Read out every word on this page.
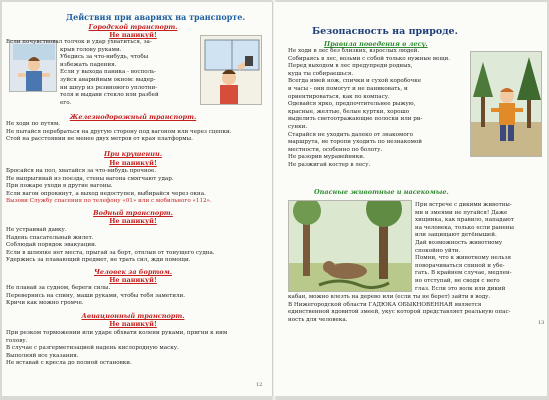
Действия при авариях на транспорте.
Городской транспорт.
Не паникуй!

Если почувствовал толчок и удар ухватиться, за-

крыв голову руками.

Убедись за что-нибудь, чтобы

избежать падения.

Если у выхода паника - восполь-

зуйся аварийным окном: выдер-

ни шнур из резинового уплотни-

теля и выдави стекло или разбей

его.

Железнодорожный транспорт.

Не ходи по путям.

Не пытайся перебраться на другую сторону под вагоном или через сцепки.

Стой на расстоянии не менее двух метров от края платформы.

При крушении.
Не паникуй!

Бросайся на пол, хватайся за что-нибудь прочное.

Не выпрыгивай из поезда, стены вагона смягчают удар.

При пожаре уходи в другие вагоны.

Если вагон опрокинут, а выход недоступен, выбирайся через окна.

Вызови Службу спасения по телефону «01» или с мобильного «112».

Водный транспорт.
Не паникуй!

Не устраивай давку.

Надень спасательный жилет.

Соблюдай порядок эвакуации.

Если в шлюпке нет места, прыгай за борт, отплыв от тонущего судна.

Удержись за плавающий предмет, не трать сил, жди помощи.

Человек за бортом.
Не паникуй!

Не плавай за судном, береги силы.

Перевернись на спину, маши руками, чтобы тебя заметили.

Кричи как можно громче.

Авиационный транспорт.
Не паникуй!

При резком торможении или ударе обхвати колени руками, пригни к ним

голову.

В случае с разгерметизацией надень кислородную маску.

Выполняй все указания.

Не вставай с кресла до полной остановки.

12
Безопасность на природе.
Правила поведения в лесу.

Не ходи в лес без близких, взрослых людей.

Собираясь в лес, возьми с собой только нужные вещи.

Перед выходом в лес предупреди родных,

куда ты собираешься.

Всегда имей нож, спички и сухой коробочке

и часы - они помогут и не паниковать, и

ориентироваться, как по компасу.

Одевайся ярко, предпочтительнее рыжую,

красные, желтые, белые куртки, хорошо

выделить светоотражающие полоски или ри-

сунки.

Старайся не уходить далеко от знакомого

маршрута, не торопи уходить по незнакомой

местности, особенно по болоту.

Не разорив муравейники.

Не разжигай костер в лесу.

Опасные животные и насекомые.

При встрече с дикими животны-

ми и змеями не пугайся! Даже

хищника, как правило, нападают

на человека, только если ранены

или защищают детёнышей.

Дай возможность животному

спокойно уйти.

Помни, что к животному нельзя

поворачиваться спиной и убе-

гать. В крайнем случае, медлен-

но отступай, не сводя с него

глаз. Если это волк или дикий

кабан, можно влезть на дерево или (если ты не берет) зайти в воду.

В Нижегородской области ГАДЮКА ОБЫКНОВЕННАЯ является

единственной ядовитой змеей, укус которой представляет реальную опас-

ность для человека.

13
